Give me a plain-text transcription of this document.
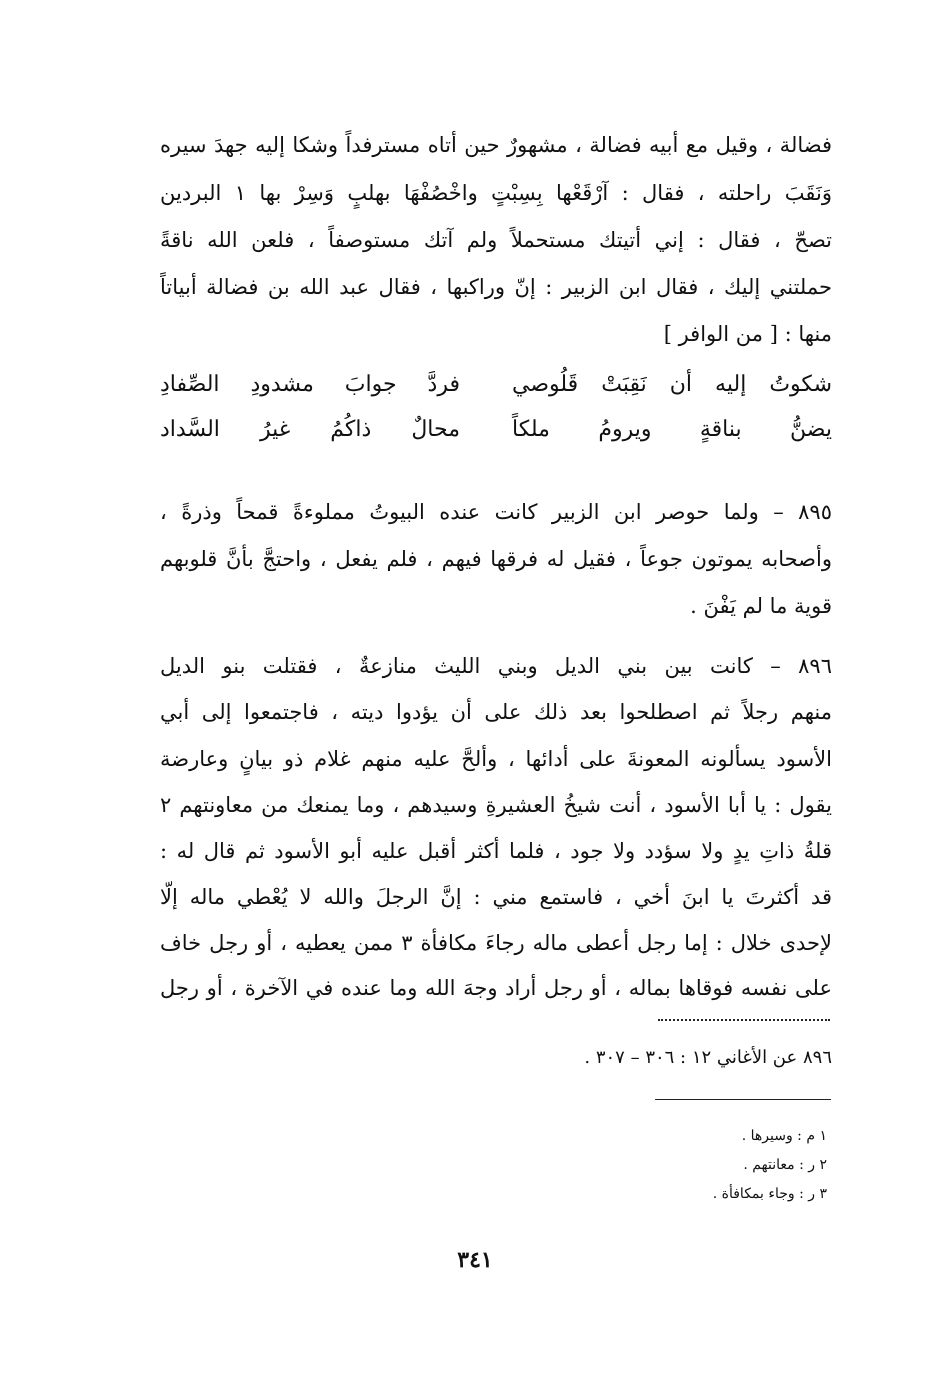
فضالة ، وقيل مع أبيه فضالة ، مشهورٌ حين أتاه مسترفداً وشكا إليه جهدَ سيره
وَنَقَبَ راحلته ، فقال : آرْقَعْها بِسِبْتٍ واخْصُفْهَا بهلبٍ وَسِرْ بها ١ البردين
تصحّ ، فقال : إني أتيتك مستحملاً ولم آتك مستوصفاً ، فلعن الله ناقةً
حملتني إليك ، فقال ابن الزبير : إنّ وراكبها ، فقال عبد الله بن فضالة أبياتاً
منها : [ من الوافر ]
شكوتُ إليه أن نَقِبَتْ قَلُوصي
فردَّ جوابَ مشدودِ الصِّفادِ
يضنُّ بناقةٍ ويرومُ ملكاً
محالٌ ذاكُمُ غيرُ السَّداد
٨٩٥ – ولما حوصر ابن الزبير كانت عنده البيوتُ مملوءةً قمحاً وذرةً ،
وأصحابه يموتون جوعاً ، فقيل له فرقها فيهم ، فلم يفعل ، واحتجَّ بأنَّ قلوبهم
قوية ما لم يَفْنَ .
٨٩٦ – كانت بين بني الديل وبني الليث منازعةٌ ، فقتلت بنو الديل
منهم رجلاً ثم اصطلحوا بعد ذلك على أن يؤدوا ديته ، فاجتمعوا إلى أبي
الأسود يسألونه المعونةَ على أدائها ، وألحَّ عليه منهم غلام ذو بيانٍ وعارضة
يقول : يا أبا الأسود ، أنت شيخُ العشيرةِ وسيدهم ، وما يمنعك من معاونتهم ٢
قلةُ ذاتِ يدٍ ولا سؤدد ولا جود ، فلما أكثر أقبل عليه أبو الأسود ثم قال له :
قد أكثرتَ يا ابنَ أخي ، فاستمع مني : إنَّ الرجلَ والله لا يُعْطي ماله إلّا
لإحدى خلال : إما رجل أعطى ماله رجاءَ مكافأة ٣ ممن يعطيه ، أو رجل خاف
على نفسه فوقاها بماله ، أو رجل أراد وجهَ الله وما عنده في الآخرة ، أو رجل
٨٩٦ عن الأغاني ١٢ : ٣٠٦ – ٣٠٧ .
١ م : وسيرها .
٢ ر : معانتهم .
٣ ر : وجاء بمكافأة .
٣٤١
